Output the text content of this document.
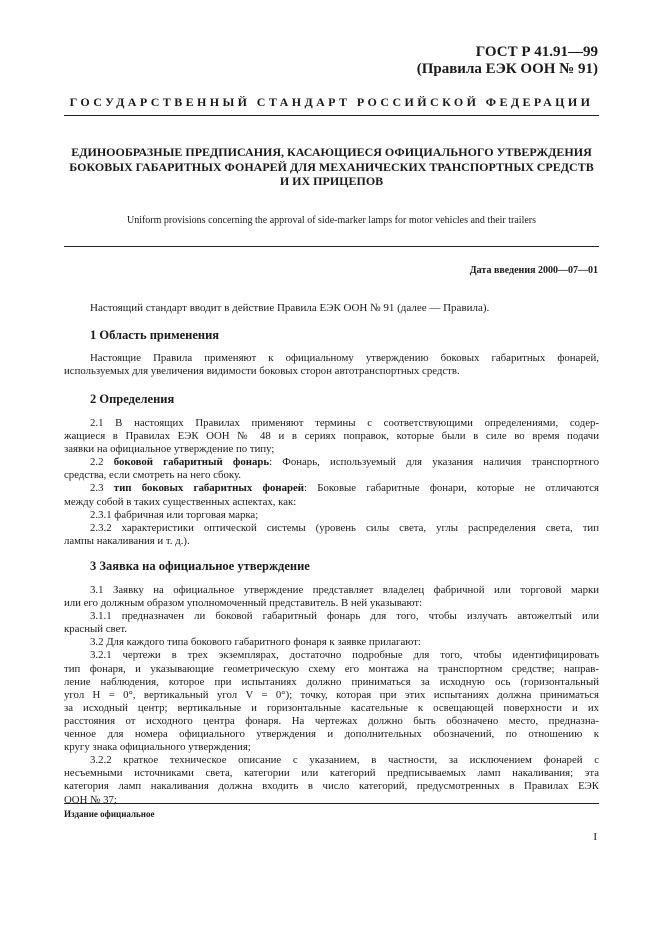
ГОСТ Р 41.91—99
(Правила ЕЭК ООН № 91)
ГОСУДАРСТВЕННЫЙ СТАНДАРТ РОССИЙСКОЙ ФЕДЕРАЦИИ
ЕДИНООБРАЗНЫЕ ПРЕДПИСАНИЯ, КАСАЮЩИЕСЯ ОФИЦИАЛЬНОГО УТВЕРЖДЕНИЯ
БОКОВЫХ ГАБАРИТНЫХ ФОНАРЕЙ ДЛЯ МЕХАНИЧЕСКИХ ТРАНСПОРТНЫХ СРЕДСТВ
И ИХ ПРИЦЕПОВ
Uniform provisions concerning the approval of side-marker lamps for motor vehicles and their trailers
Дата введения 2000—07—01
Настоящий стандарт вводит в действие Правила ЕЭК ООН № 91 (далее — Правила).
1 Область применения
Настоящие Правила применяют к официальному утверждению боковых габаритных фонарей,
используемых для увеличения видимости боковых сторон автотранспортных средств.
2 Определения
2.1 В настоящих Правилах применяют термины с соответствующими определениями, содер-
жащиеся в Правилах ЕЭК ООН № 48 и в сериях поправок, которые были в силе во время подачи
заявки на официальное утверждение по типу;
2.2 боковой габаритный фонарь: Фонарь, используемый для указания наличия транспортного
средства, если смотреть на него сбоку.
2.3 тип боковых габаритных фонарей: Боковые габаритные фонари, которые не отличаются
между собой в таких существенных аспектах, как:
2.3.1 фабричная или торговая марка;
2.3.2 характеристики оптической системы (уровень силы света, углы распределения света, тип
лампы накаливания и т. д.).
3 Заявка на официальное утверждение
3.1 Заявку на официальное утверждение представляет владелец фабричной или торговой марки
или его должным образом уполномоченный представитель. В ней указывают:
3.1.1 предназначен ли боковой габаритный фонарь для того, чтобы излучать автожелтый или
красный свет.
3.2 Для каждого типа бокового габаритного фонаря к заявке прилагают:
3.2.1 чертежи в трех экземплярах, достаточно подробные для того, чтобы идентифицировать
тип фонаря, и указывающие геометрическую схему его монтажа на транспортном средстве; направ-
ление наблюдения, которое при испытаниях должно приниматься за исходную ось (горизонтальный
угол H = 0°, вертикальный угол V = 0°); точку, которая при этих испытаниях должна приниматься
за исходный центр; вертикальные и горизонтальные касательные к освещающей поверхности и их
расстояния от исходного центра фонаря. На чертежах должно быть обозначено место, предназна-
ченное для номера официального утверждения и дополнительных обозначений, по отношению к
кругу знака официального утверждения;
3.2.2 краткое техническое описание с указанием, в частности, за исключением фонарей с
несъемными источниками света, категории или категорий предписываемых ламп накаливания; эта
категория ламп накаливания должна входить в число категорий, предусмотренных в Правилах ЕЭК
ООН № 37;
Издание официальное
I
